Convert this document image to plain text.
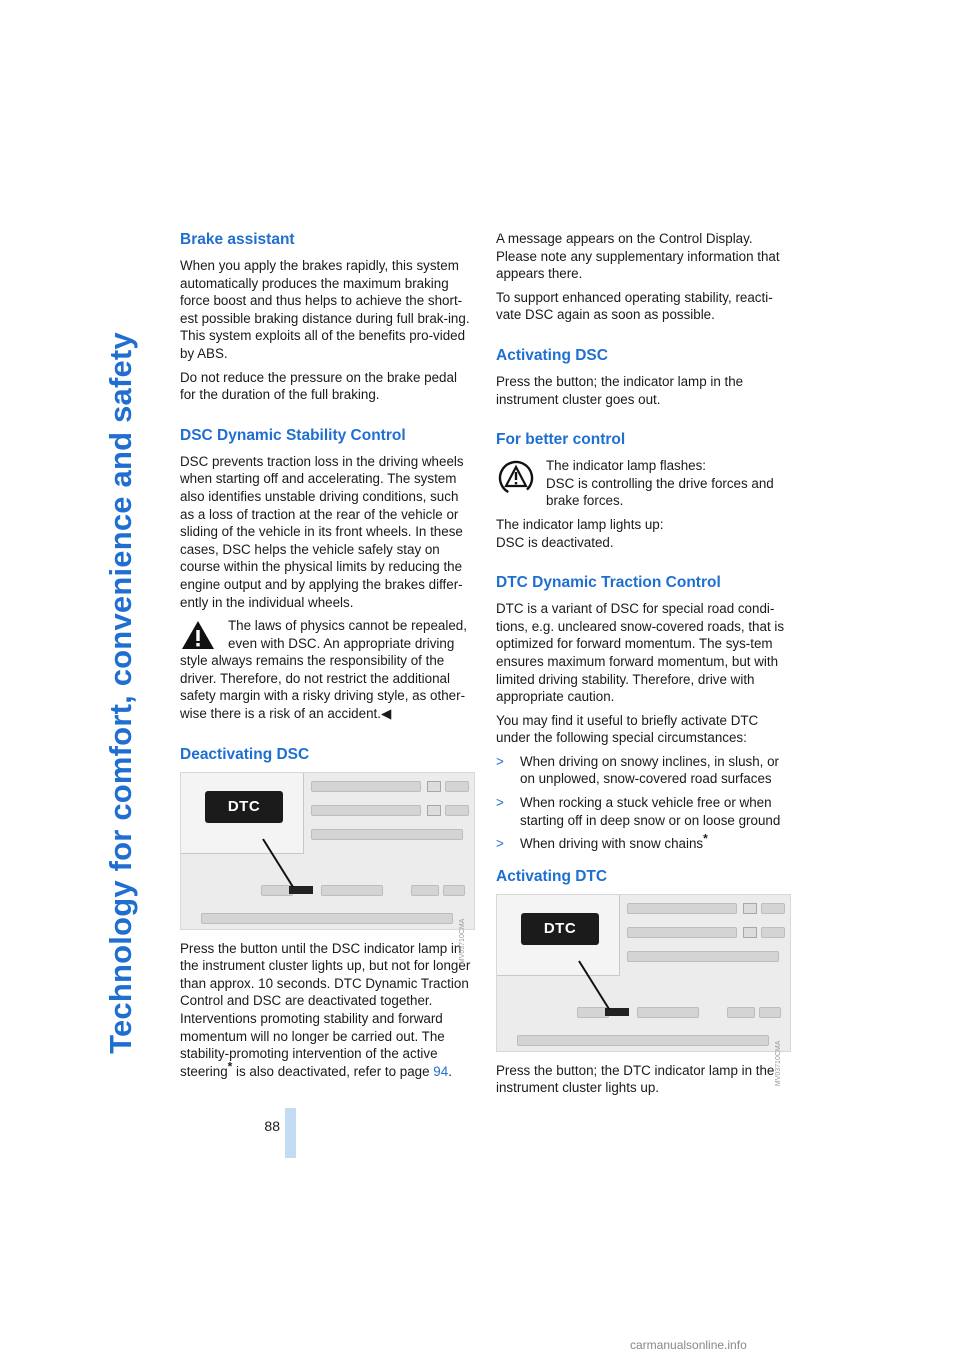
Technology for comfort, convenience and safety
88
Brake assistant

When you apply the brakes rapidly, this system automatically produces the maximum braking force boost and thus helps to achieve the short-est possible braking distance during full brak-ing. This system exploits all of the benefits pro-vided by ABS.

Do not reduce the pressure on the brake pedal for the duration of the full braking.

DSC Dynamic Stability Control

DSC prevents traction loss in the driving wheels when starting off and accelerating. The system also identifies unstable driving conditions, such as a loss of traction at the rear of the vehicle or sliding of the vehicle in its front wheels. In these cases, DSC helps the vehicle safely stay on course within the physical limits by reducing the engine output and by applying the brakes differ-ently in the individual wheels.

The laws of physics cannot be repealed, even with DSC. An appropriate driving style always remains the responsibility of the driver. Therefore, do not restrict the additional safety margin with a risky driving style, as other-wise there is a risk of an accident.◀
Deactivating DSC
DTC
MV03710CMA

Press the button until the DSC indicator lamp in the instrument cluster lights up, but not for longer than approx. 10 seconds. DTC Dynamic Traction Control and DSC are deactivated together. Interventions promoting stability and forward momentum will no longer be carried out. The stability-promoting intervention of the active steering* is also deactivated, refer to page 94.

A message appears on the Control Display. Please note any supplementary information that appears there.

To support enhanced operating stability, reacti-vate DSC again as soon as possible.

Activating DSC

Press the button; the indicator lamp in the instrument cluster goes out.

For better control
The indicator lamp flashes:
DSC is controlling the drive forces and brake forces.
The indicator lamp lights up:
DSC is deactivated.
DTC Dynamic Traction Control

DTC is a variant of DSC for special road condi-tions, e.g. uncleared snow-covered roads, that is optimized for forward momentum. The sys-tem ensures maximum forward momentum, but with limited driving stability. Therefore, drive with appropriate caution.

You may find it useful to briefly activate DTC under the following special circumstances:

> When driving on snowy inclines, in slush, or on unplowed, snow-covered road surfaces
> When rocking a stuck vehicle free or when starting off in deep snow or on loose ground
> When driving with snow chains*
Activating DTC
DTC
MV03710CMA

Press the button; the DTC indicator lamp in the instrument cluster lights up.

carmanualsonline.info
